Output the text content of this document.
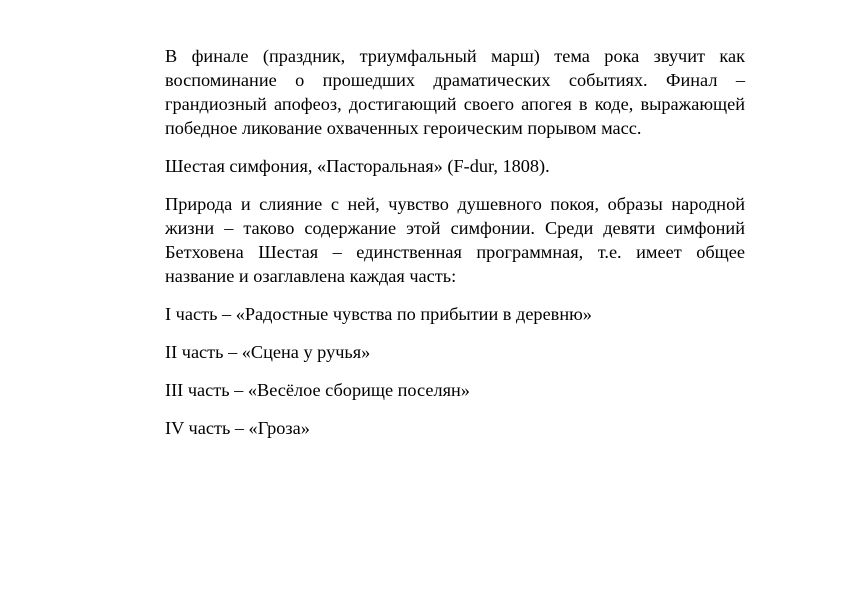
В финале (праздник, триумфальный марш) тема рока звучит как воспоминание о прошедших драматических событиях. Финал – грандиозный апофеоз, достигающий своего апогея в коде, выражающей победное ликование охваченных героическим порывом масс.

Шестая симфония, «Пасторальная» (F-dur, 1808).

Природа и слияние с ней, чувство душевного покоя, образы народной жизни – таково содержание этой симфонии. Среди девяти симфоний Бетховена Шестая – единственная программная, т.е. имеет общее название и озаглавлена каждая часть:

I часть – «Радостные чувства по прибытии в деревню»

II часть – «Сцена у ручья»

III часть – «Весёлое сборище поселян»

IV часть – «Гроза»
